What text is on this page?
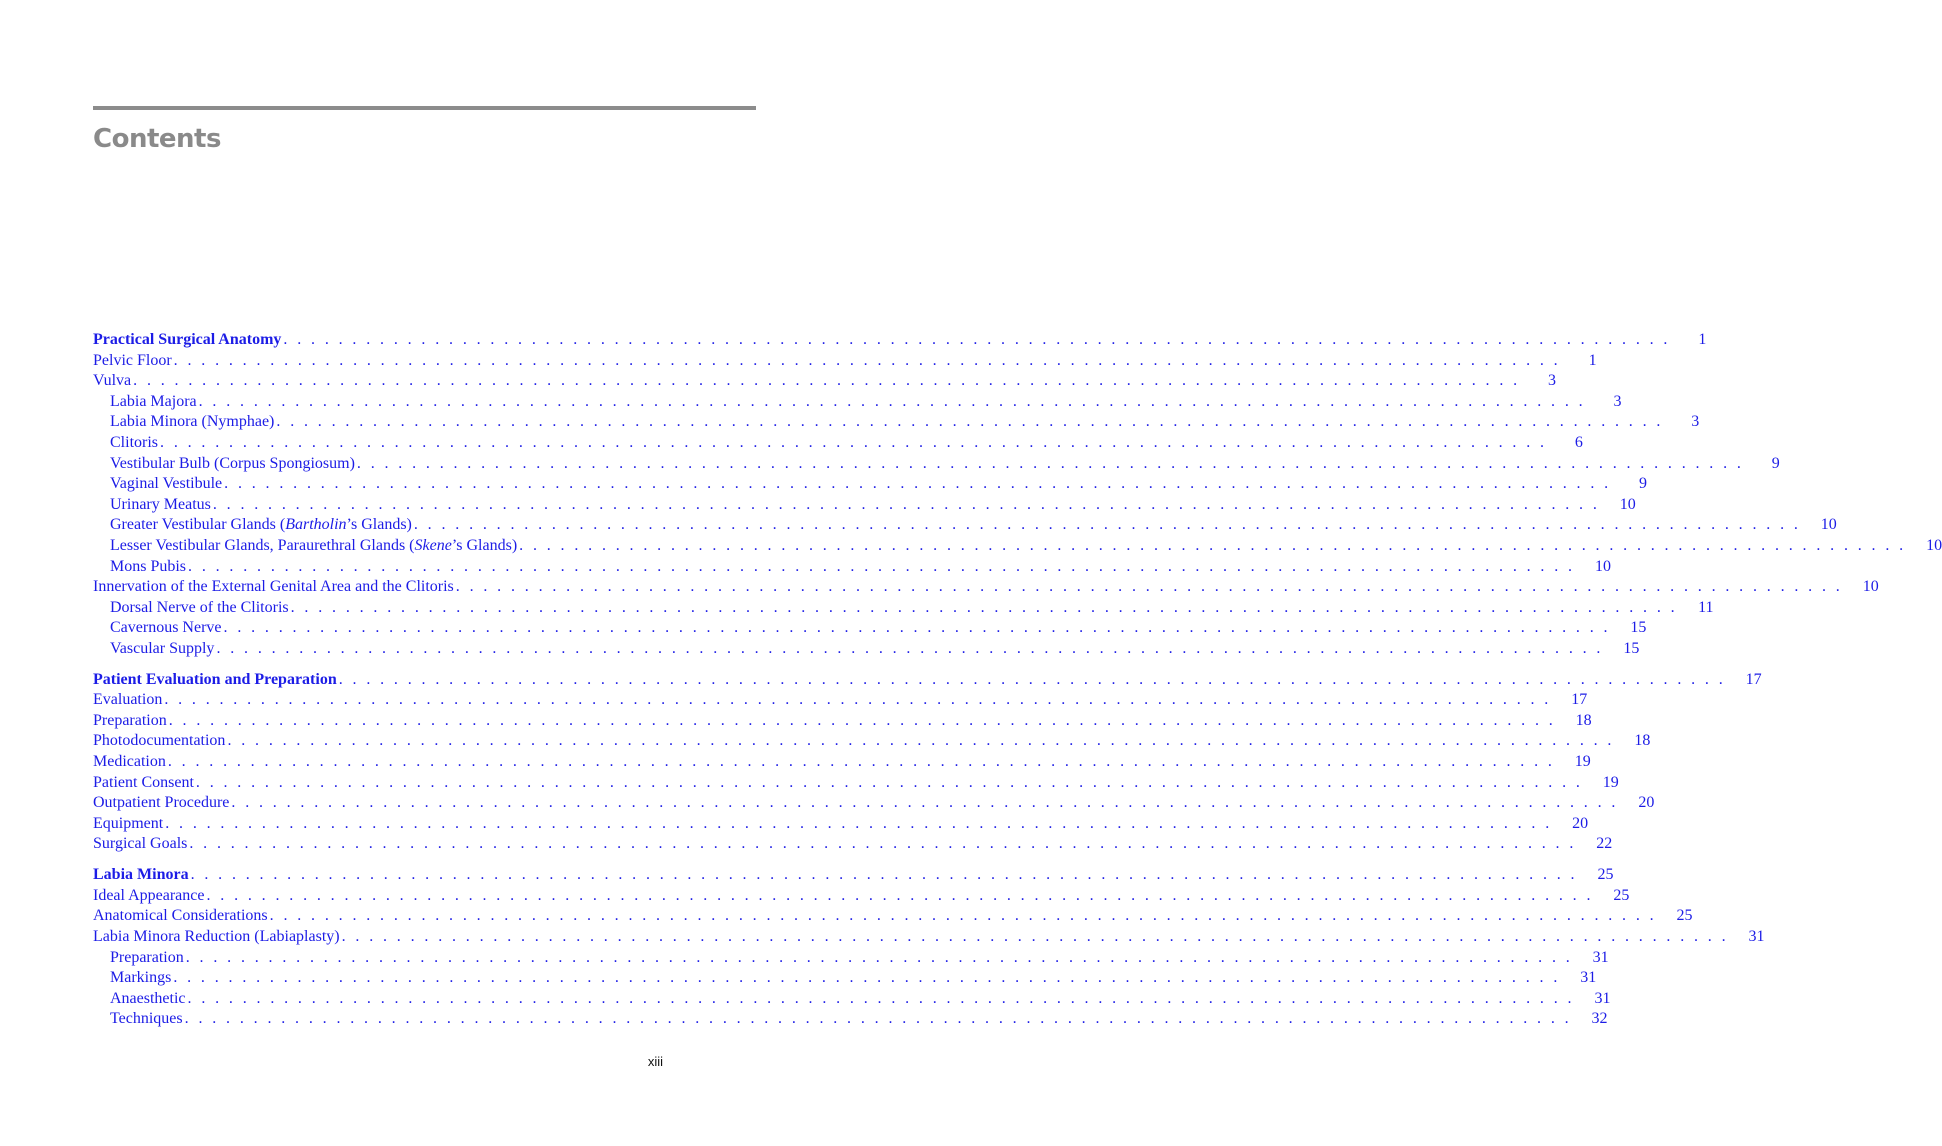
Contents
Practical Surgical Anatomy . . . . . . . . . . . . . . . . . . . . . . . . . . . . . . . . . . . . . . . . . . . . . . . . . . . . . . . . . . . . . . . . . . . . . . . . . . . . . . . . . . . . . . . . . . . . . . . . . . . . .	1
Pelvic Floor . . . . . . . . . . . . . . . . . . . . . . . . . . . . . . . . . . . . . . . . . . . . . . . . . . . . . . . . . . . . . . . . . . . . . . . . . . . . . . . . . . . . . . . . . . . . . . . . . . . . .	1
Vulva . . . . . . . . . . . . . . . . . . . . . . . . . . . . . . . . . . . . . . . . . . . . . . . . . . . . . . . . . . . . . . . . . . . . . . . . . . . . . . . . . . . . . . . . . . . . . . . . . . . . .	3
Labia Majora . . . . . . . . . . . . . . . . . . . . . . . . . . . . . . . . . . . . . . . . . . . . . . . . . . . . . . . . . . . . . . . . . . . . . . . . . . . . . . . . . . . . . . . . . . . . . . . . . . . . .	3
Labia Minora (Nymphae) . . . . . . . . . . . . . . . . . . . . . . . . . . . . . . . . . . . . . . . . . . . . . . . . . . . . . . . . . . . . . . . . . . . . . . . . . . . . . . . . . . . . . . . . . . . . . . . . . . . . .	3
Clitoris . . . . . . . . . . . . . . . . . . . . . . . . . . . . . . . . . . . . . . . . . . . . . . . . . . . . . . . . . . . . . . . . . . . . . . . . . . . . . . . . . . . . . . . . . . . . . . . . . . . . .	6
Vestibular Bulb (Corpus Spongiosum) . . . . . . . . . . . . . . . . . . . . . . . . . . . . . . . . . . . . . . . . . . . . . . . . . . . . . . . . . . . . . . . . . . . . . . . . . . . . . . . . . . . . . . . . . . . . . . . . . . . . .	9
Vaginal Vestibule . . . . . . . . . . . . . . . . . . . . . . . . . . . . . . . . . . . . . . . . . . . . . . . . . . . . . . . . . . . . . . . . . . . . . . . . . . . . . . . . . . . . . . . . . . . . . . . . . . . . .	9
Urinary Meatus . . . . . . . . . . . . . . . . . . . . . . . . . . . . . . . . . . . . . . . . . . . . . . . . . . . . . . . . . . . . . . . . . . . . . . . . . . . . . . . . . . . . . . . . . . . . . . . . . . . . .	10
Greater Vestibular Glands (Bartholin’s Glands) . . . . . . . . . . . . . . . . . . . . . . . . . . . . . . . . . . . . . . . . . . . . . . . . . . . . . . . . . . . . . . . . . . . . . . . . . . . . . . . . . . . . . . . . . . . . . . . . . . . . .	10
Lesser Vestibular Glands, Paraurethral Glands (Skene’s Glands) . . . . . . . . . . . . . . . . . . . . . . . . . . . . . . . . . . . . . . . . . . . . . . . . . . . . . . . . . . . . . . . . . . . . . . . . . . . . . . . . . . . . . . . . . . . . . . . . . . . . .	10
Mons Pubis . . . . . . . . . . . . . . . . . . . . . . . . . . . . . . . . . . . . . . . . . . . . . . . . . . . . . . . . . . . . . . . . . . . . . . . . . . . . . . . . . . . . . . . . . . . . . . . . . . . . .	10
Innervation of the External Genital Area and the Clitoris . . . . . . . . . . . . . . . . . . . . . . . . . . . . . . . . . . . . . . . . . . . . . . . . . . . . . . . . . . . . . . . . . . . . . . . . . . . . . . . . . . . . . . . . . . . . . . . . . . . . .	10
Dorsal Nerve of the Clitoris . . . . . . . . . . . . . . . . . . . . . . . . . . . . . . . . . . . . . . . . . . . . . . . . . . . . . . . . . . . . . . . . . . . . . . . . . . . . . . . . . . . . . . . . . . . . . . . . . . . . .	11
Cavernous Nerve . . . . . . . . . . . . . . . . . . . . . . . . . . . . . . . . . . . . . . . . . . . . . . . . . . . . . . . . . . . . . . . . . . . . . . . . . . . . . . . . . . . . . . . . . . . . . . . . . . . . .	15
Vascular Supply . . . . . . . . . . . . . . . . . . . . . . . . . . . . . . . . . . . . . . . . . . . . . . . . . . . . . . . . . . . . . . . . . . . . . . . . . . . . . . . . . . . . . . . . . . . . . . . . . . . . .	15
Patient Evaluation and Preparation . . . . . . . . . . . . . . . . . . . . . . . . . . . . . . . . . . . . . . . . . . . . . . . . . . . . . . . . . . . . . . . . . . . . . . . . . . . . . . . . . . . . . . . . . . . . . . . . . . . . .	17
Evaluation . . . . . . . . . . . . . . . . . . . . . . . . . . . . . . . . . . . . . . . . . . . . . . . . . . . . . . . . . . . . . . . . . . . . . . . . . . . . . . . . . . . . . . . . . . . . . . . . . . . . .	17
Preparation . . . . . . . . . . . . . . . . . . . . . . . . . . . . . . . . . . . . . . . . . . . . . . . . . . . . . . . . . . . . . . . . . . . . . . . . . . . . . . . . . . . . . . . . . . . . . . . . . . . . .	18
Photodocumentation . . . . . . . . . . . . . . . . . . . . . . . . . . . . . . . . . . . . . . . . . . . . . . . . . . . . . . . . . . . . . . . . . . . . . . . . . . . . . . . . . . . . . . . . . . . . . . . . . . . . .	18
Medication . . . . . . . . . . . . . . . . . . . . . . . . . . . . . . . . . . . . . . . . . . . . . . . . . . . . . . . . . . . . . . . . . . . . . . . . . . . . . . . . . . . . . . . . . . . . . . . . . . . . .	19
Patient Consent . . . . . . . . . . . . . . . . . . . . . . . . . . . . . . . . . . . . . . . . . . . . . . . . . . . . . . . . . . . . . . . . . . . . . . . . . . . . . . . . . . . . . . . . . . . . . . . . . . . . .	19
Outpatient Procedure . . . . . . . . . . . . . . . . . . . . . . . . . . . . . . . . . . . . . . . . . . . . . . . . . . . . . . . . . . . . . . . . . . . . . . . . . . . . . . . . . . . . . . . . . . . . . . . . . . . . .	20
Equipment . . . . . . . . . . . . . . . . . . . . . . . . . . . . . . . . . . . . . . . . . . . . . . . . . . . . . . . . . . . . . . . . . . . . . . . . . . . . . . . . . . . . . . . . . . . . . . . . . . . . .	20
Surgical Goals . . . . . . . . . . . . . . . . . . . . . . . . . . . . . . . . . . . . . . . . . . . . . . . . . . . . . . . . . . . . . . . . . . . . . . . . . . . . . . . . . . . . . . . . . . . . . . . . . . . . .	22
Labia Minora . . . . . . . . . . . . . . . . . . . . . . . . . . . . . . . . . . . . . . . . . . . . . . . . . . . . . . . . . . . . . . . . . . . . . . . . . . . . . . . . . . . . . . . . . . . . . . . . . . . . .	25
Ideal Appearance . . . . . . . . . . . . . . . . . . . . . . . . . . . . . . . . . . . . . . . . . . . . . . . . . . . . . . . . . . . . . . . . . . . . . . . . . . . . . . . . . . . . . . . . . . . . . . . . . . . . .	25
Anatomical Considerations . . . . . . . . . . . . . . . . . . . . . . . . . . . . . . . . . . . . . . . . . . . . . . . . . . . . . . . . . . . . . . . . . . . . . . . . . . . . . . . . . . . . . . . . . . . . . . . . . . . . .	25
Labia Minora Reduction (Labiaplasty) . . . . . . . . . . . . . . . . . . . . . . . . . . . . . . . . . . . . . . . . . . . . . . . . . . . . . . . . . . . . . . . . . . . . . . . . . . . . . . . . . . . . . . . . . . . . . . . . . . . . .	31
Preparation . . . . . . . . . . . . . . . . . . . . . . . . . . . . . . . . . . . . . . . . . . . . . . . . . . . . . . . . . . . . . . . . . . . . . . . . . . . . . . . . . . . . . . . . . . . . . . . . . . . . .	31
Markings . . . . . . . . . . . . . . . . . . . . . . . . . . . . . . . . . . . . . . . . . . . . . . . . . . . . . . . . . . . . . . . . . . . . . . . . . . . . . . . . . . . . . . . . . . . . . . . . . . . . .	31
Anaesthetic . . . . . . . . . . . . . . . . . . . . . . . . . . . . . . . . . . . . . . . . . . . . . . . . . . . . . . . . . . . . . . . . . . . . . . . . . . . . . . . . . . . . . . . . . . . . . . . . . . . . .	31
Techniques . . . . . . . . . . . . . . . . . . . . . . . . . . . . . . . . . . . . . . . . . . . . . . . . . . . . . . . . . . . . . . . . . . . . . . . . . . . . . . . . . . . . . . . . . . . . . . . . . . . . .	32
xiii
